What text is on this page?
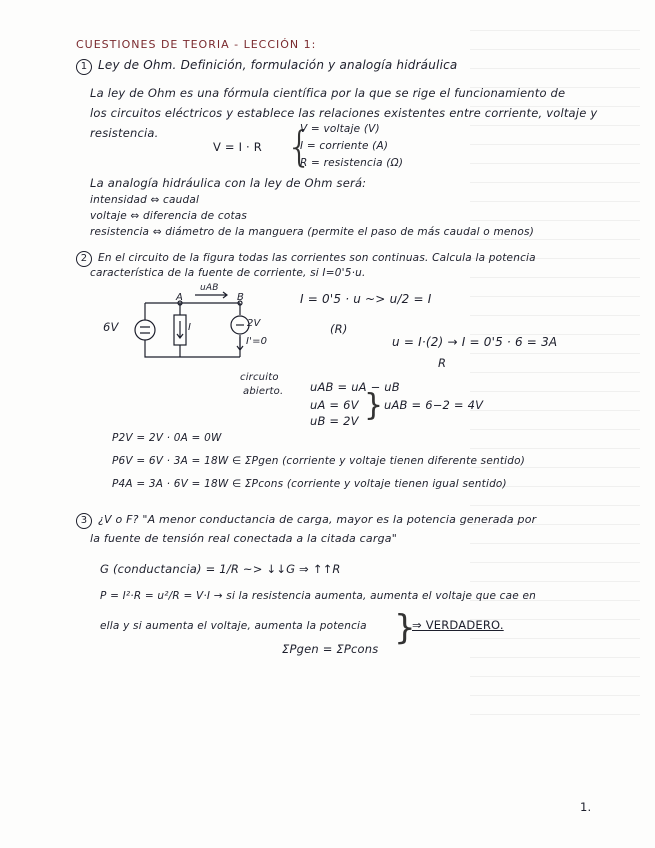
CUESTIONES DE TEORIA - LECCIÓN 1:
1 Ley de Ohm. Definición, formulación y analogía hidráulica
La ley de Ohm es una fórmula científica por la que se rige el funcionamiento de
los circuitos eléctricos y establece las relaciones existentes entre corriente, voltaje y
resistencia.
V = I · R {
V = voltaje (V)
I = corriente (A)
R = resistencia (Ω)
La analogía hidráulica con la ley de Ohm será:
intensidad ⇔ caudal
voltaje ⇔ diferencia de cotas
resistencia ⇔ diámetro de la manguera (permite el paso de más caudal o menos)
2 En el circuito de la figura todas las corrientes son continuas. Calcula la potencia
característica de la fuente de corriente, si I=0'5·u.
6V	2V
A	B
uAB
I
I'=0
circuito
abierto.
I = 0'5 · u ~> u/2 = I
(R)
u = I·(2) → I = 0'5 · 6 = 3A
R
uAB = uA − uB
uA = 6V
uB = 2V } uAB = 6−2 = 4V
P2V = 2V · 0A = 0W
P6V = 6V · 3A = 18W ∈ ΣPgen (corriente y voltaje tienen diferente sentido)
P4A = 3A · 6V = 18W ∈ ΣPcons (corriente y voltaje tienen igual sentido)
3 ¿V o F? "A menor conductancia de carga, mayor es la potencia generada por
la fuente de tensión real conectada a la citada carga"
G (conductancia) = 1/R ~> ↓↓G ⇒ ↑↑R
P = I²·R = u²/R = V·I → si la resistencia aumenta, aumenta el voltaje que cae en
ella y si aumenta el voltaje, aumenta la potencia
ΣPgen = ΣPcons
}
⇒ VERDADERO.
1.
